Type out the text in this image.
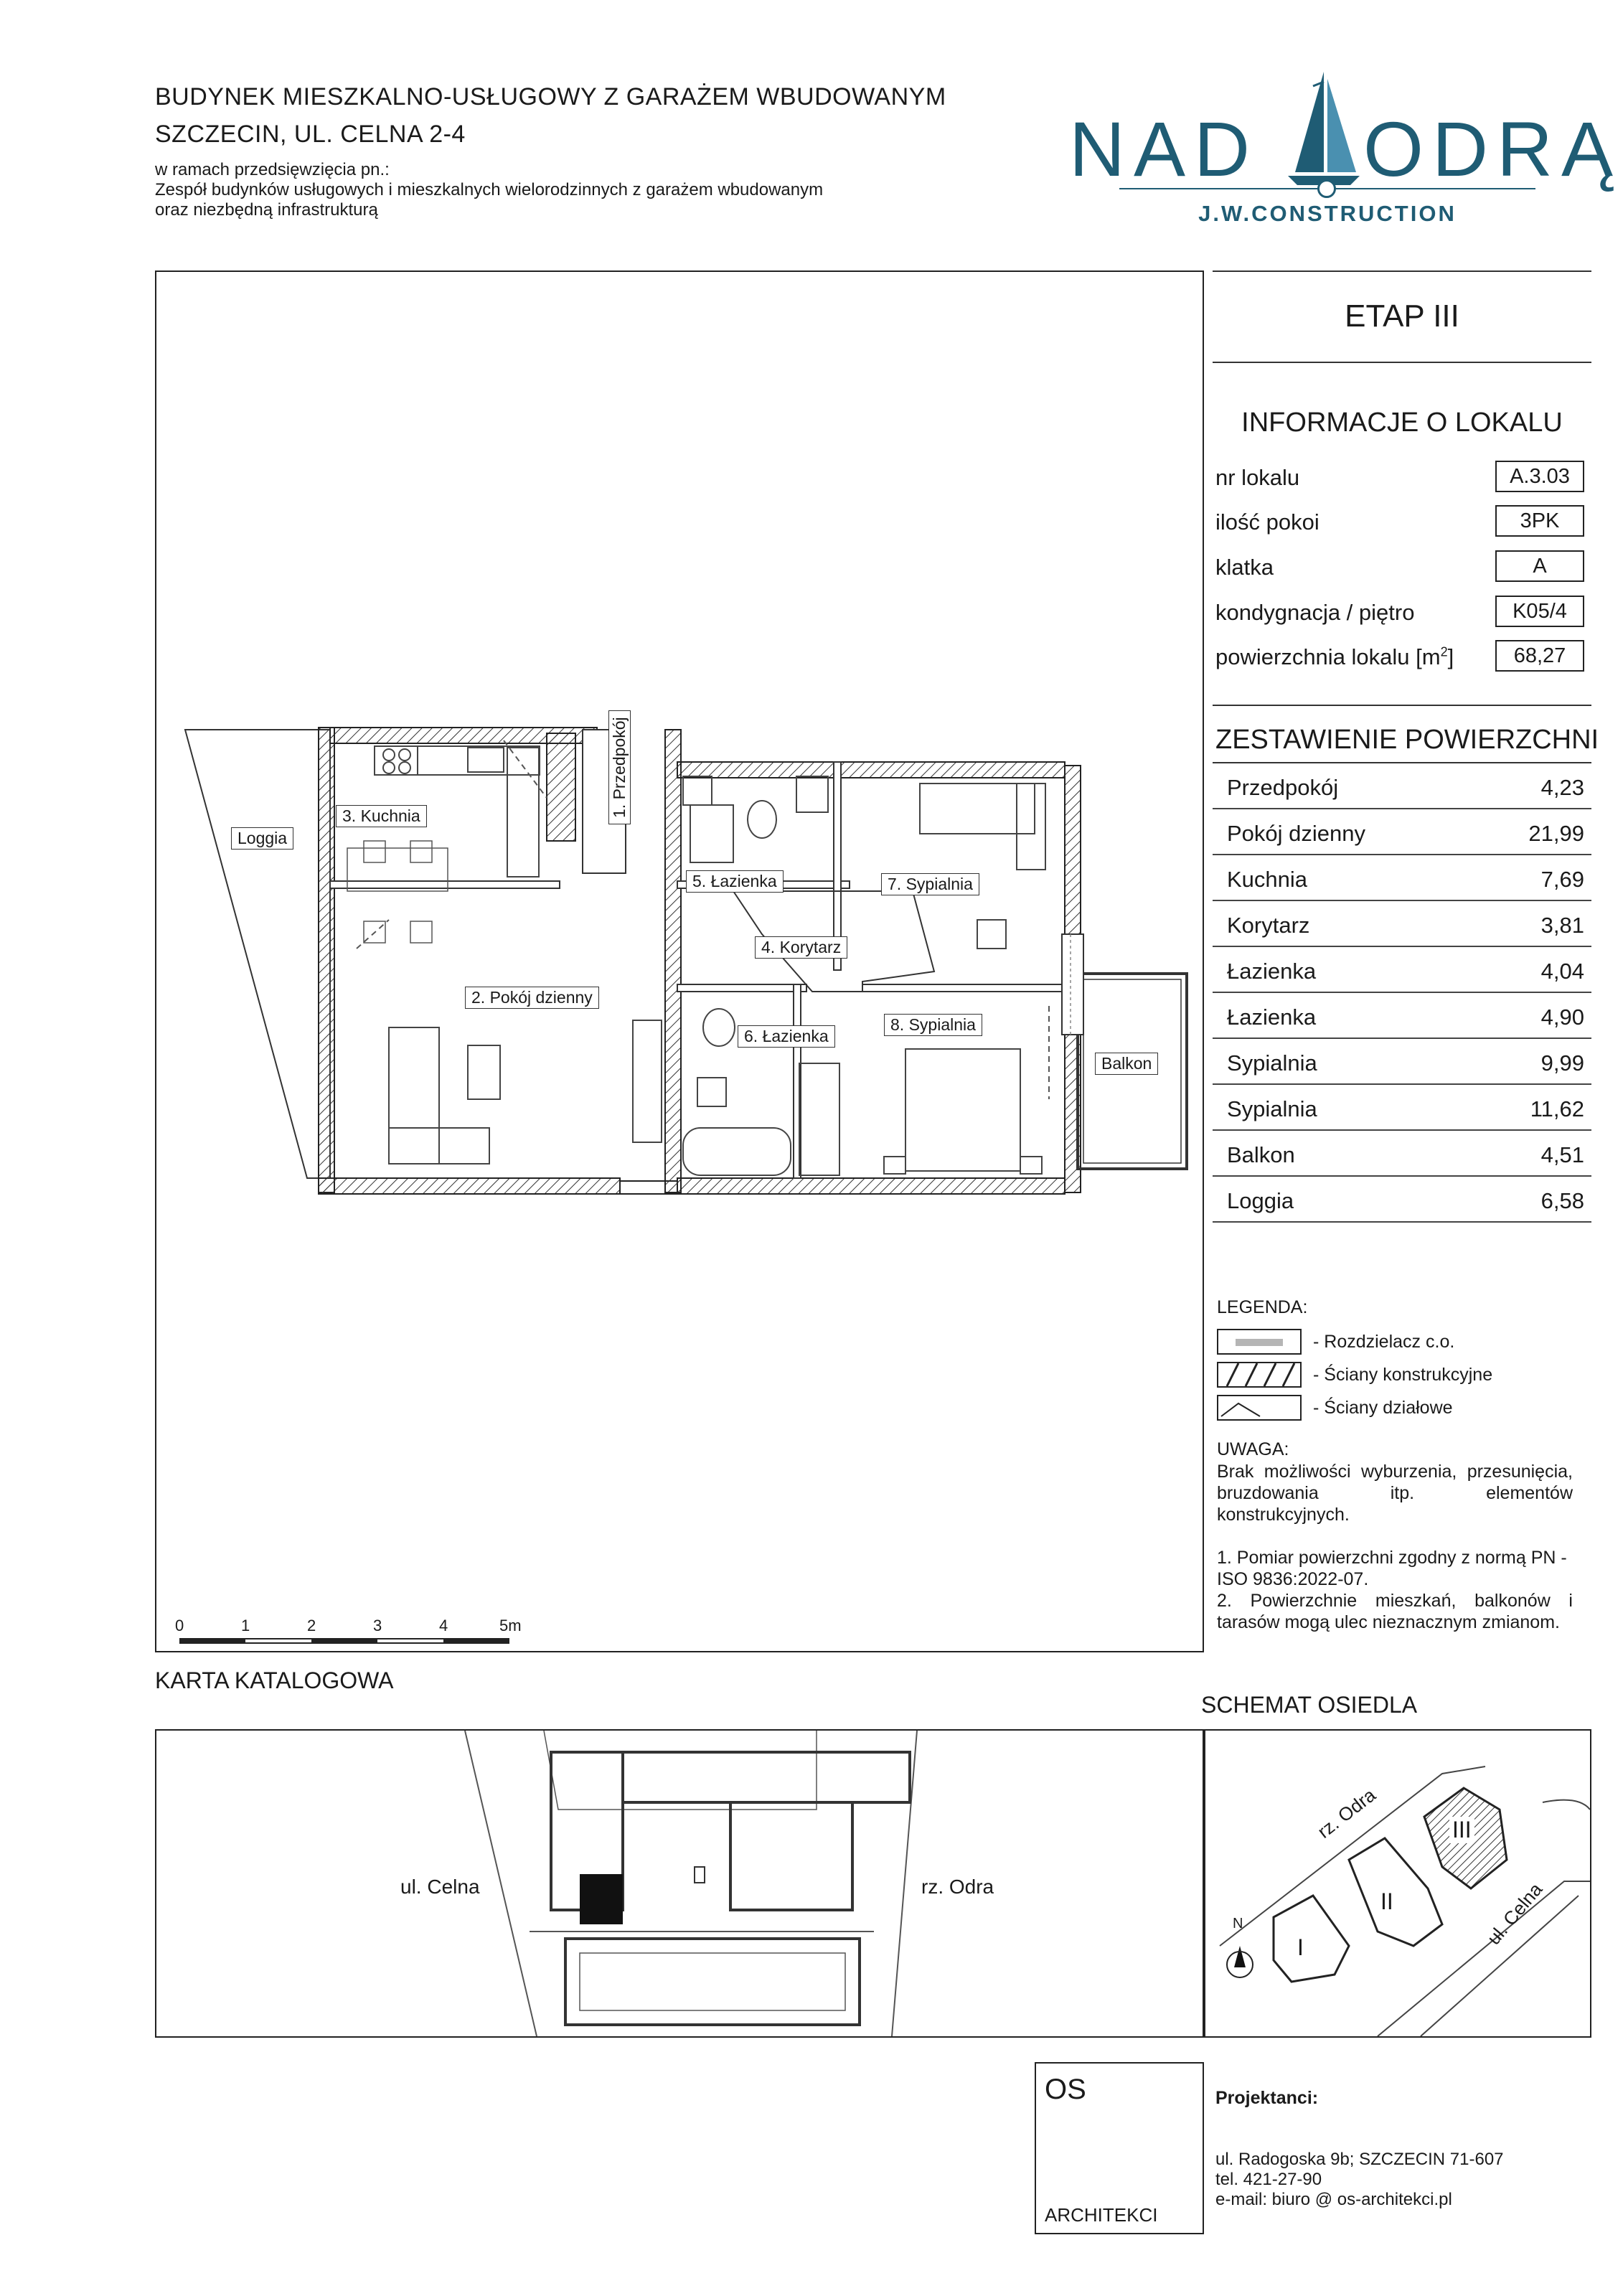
BUDYNEK MIESZKALNO-USŁUGOWY Z GARAŻEM WBUDOWANYM
SZCZECIN, UL. CELNA 2-4
w ramach przedsięwzięcia pn.:
Zespół budynków usługowych i mieszkalnych wielorodzinnych z garażem wbudowanym
oraz niezbędną infrastrukturą
NAD ODRĄ
J.W.CONSTRUCTION
Loggia
3. Kuchnia	1. Przedpokój
5. Łazienka	7. Sypialnia
4. Korytarz
2. Pokój dzienny
6. Łazienka
8. Sypialnia
Balkon
0	1	2	3	4	5m
ETAP III
INFORMACJE O LOKALU
nr lokalu	A.3.03
ilość pokoi	3PK
klatka	A
kondygnacja / piętro	K05/4
powierzchnia lokalu $[m^2]$	68,27
ZESTAWIENIE POWIERZCHNI
Przedpokój	4,23
Pokój dzienny	21,99
Kuchnia	7,69
Korytarz	3,81
Łazienka	4,04
Łazienka	4,90
Sypialnia	9,99
Sypialnia	11,62
Balkon	4,51
Loggia	6,58
LEGENDA:
- Rozdzielacz c.o.
- Ściany konstrukcyjne
- Ściany działowe
UWAGA:
Brak możliwości wyburzenia, przesunięcia, bruzdowania itp. elementów konstrukcyjnych.
1. Pomiar powierzchni zgodny z normą PN - ISO 9836:2022-07.
2. Powierzchnie mieszkań, balkonów i tarasów mogą ulec nieznacznym zmianom.
KARTA KATALOGOWA
SCHEMAT OSIEDLA
ul. Celna	rz. Odra
rz. Odra
ul. Celna
N
I
II
III
OS
ARCHITEKCI
Projektanci:
ul. Radogoska 9b; SZCZECIN 71-607
tel. 421-27-90
e-mail: biuro @ os-architekci.pl
